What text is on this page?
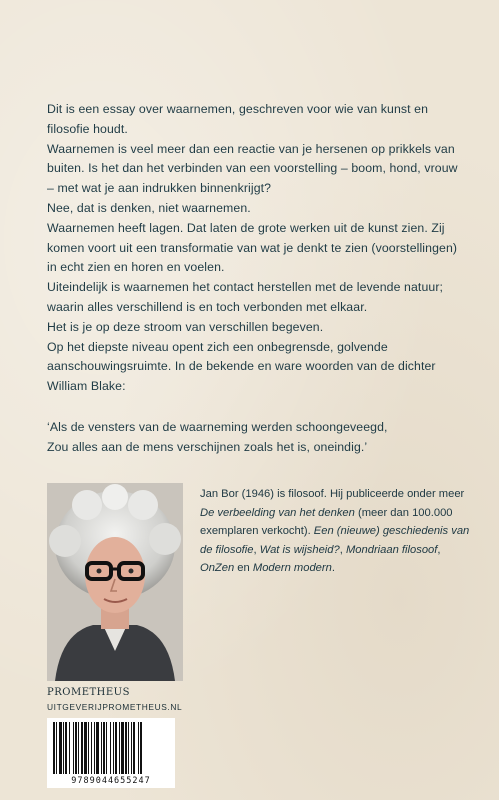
Dit is een essay over waarnemen, geschreven voor wie van kunst en filosofie houdt.

Waarnemen is veel meer dan een reactie van je hersenen op prikkels van buiten. Is het dan het verbinden van een voorstelling – boom, hond, vrouw – met wat je aan indrukken binnenkrijgt?

Nee, dat is denken, niet waarnemen.

Waarnemen heeft lagen. Dat laten de grote werken uit de kunst zien. Zij komen voort uit een transformatie van wat je denkt te zien (voorstellingen) in echt zien en horen en voelen.

Uiteindelijk is waarnemen het contact herstellen met de levende natuur; waarin alles verschillend is en toch verbonden met elkaar.

Het is je op deze stroom van verschillen begeven.

Op het diepste niveau opent zich een onbegrensde, golvende aanschouwingsruimte. In de bekende en ware woorden van de dichter William Blake:

‘Als de vensters van de waarneming werden schoongeveegd,

Zou alles aan de mens verschijnen zoals het is, oneindig.’

Jan Bor (1946) is filosoof. Hij publiceerde onder meer De verbeelding van het denken (meer dan 100.000 exemplaren verkocht). Een (nieuwe) geschiedenis van de filosofie, Wat is wijsheid?, Mondriaan filosoof, OnZen en Modern modern.

PROMETHEUS
UITGEVERIJPROMETHEUS.NL
9789044655247
